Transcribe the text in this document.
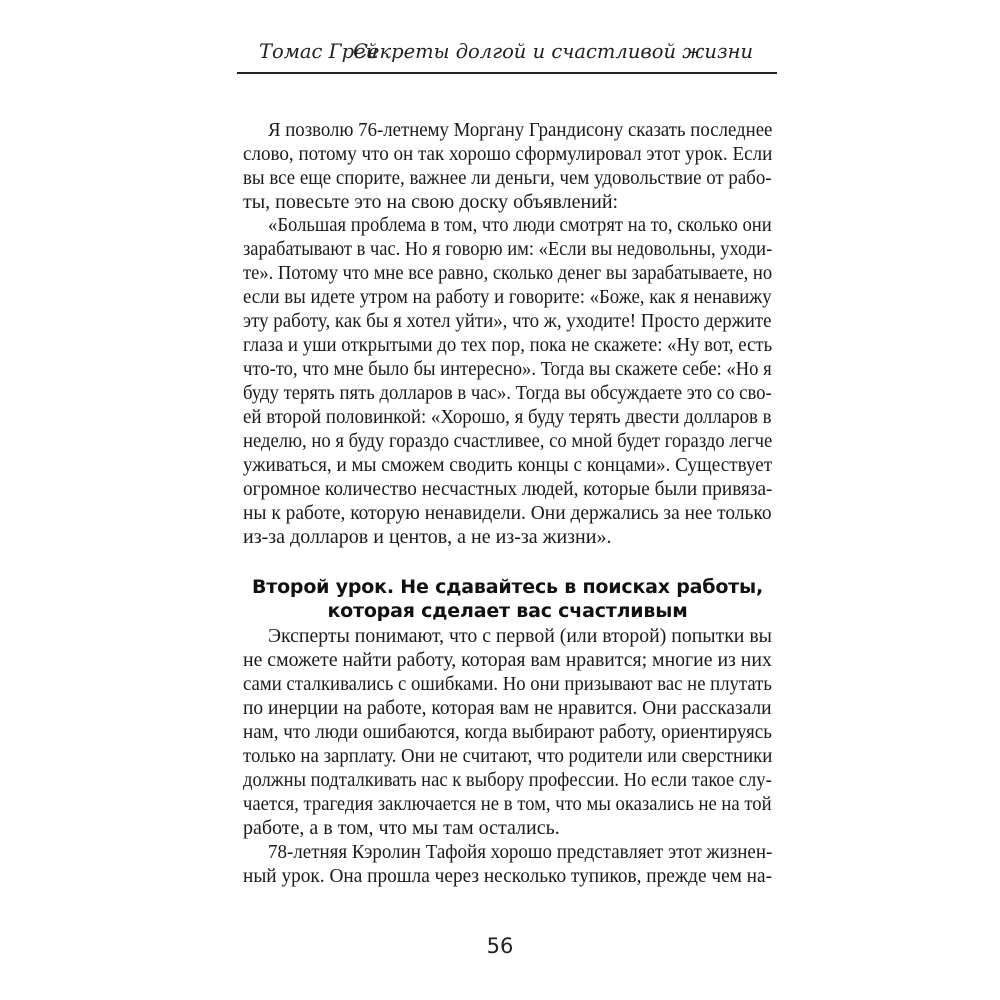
Томас Грей
Секреты долгой и счастливой жизни
Я позволю 76-летнему Моргану Грандисону сказать последнее
слово, потому что он так хорошо сформулировал этот урок. Если
вы все еще спорите, важнее ли деньги, чем удовольствие от рабо-
ты, повесьте это на свою доску объявлений:
«Большая проблема в том, что люди смотрят на то, сколько они
зарабатывают в час. Но я говорю им: «Если вы недовольны, уходи-
те». Потому что мне все равно, сколько денег вы зарабатываете, но
если вы идете утром на работу и говорите: «Боже, как я ненавижу
эту работу, как бы я хотел уйти», что ж, уходите! Просто держите
глаза и уши открытыми до тех пор, пока не скажете: «Ну вот, есть
что-то, что мне было бы интересно». Тогда вы скажете себе: «Но я
буду терять пять долларов в час». Тогда вы обсуждаете это со сво-
ей второй половинкой: «Хорошо, я буду терять двести долларов в
неделю, но я буду гораздо счастливее, со мной будет гораздо легче
уживаться, и мы сможем сводить концы с концами». Существует
огромное количество несчастных людей, которые были привяза-
ны к работе, которую ненавидели. Они держались за нее только
из-за долларов и центов, а не из-за жизни».
Второй урок. Не сдавайтесь в поисках работы,
которая сделает вас счастливым
Эксперты понимают, что с первой (или второй) попытки вы
не сможете найти работу, которая вам нравится; многие из них
сами сталкивались с ошибками. Но они призывают вас не плутать
по инерции на работе, которая вам не нравится. Они рассказали
нам, что люди ошибаются, когда выбирают работу, ориентируясь
только на зарплату. Они не считают, что родители или сверстники
должны подталкивать нас к выбору профессии. Но если такое слу-
чается, трагедия заключается не в том, что мы оказались не на той
работе, а в том, что мы там остались.
78-летняя Кэролин Тафойя хорошо представляет этот жизнен-
ный урок. Она прошла через несколько тупиков, прежде чем на-
56
